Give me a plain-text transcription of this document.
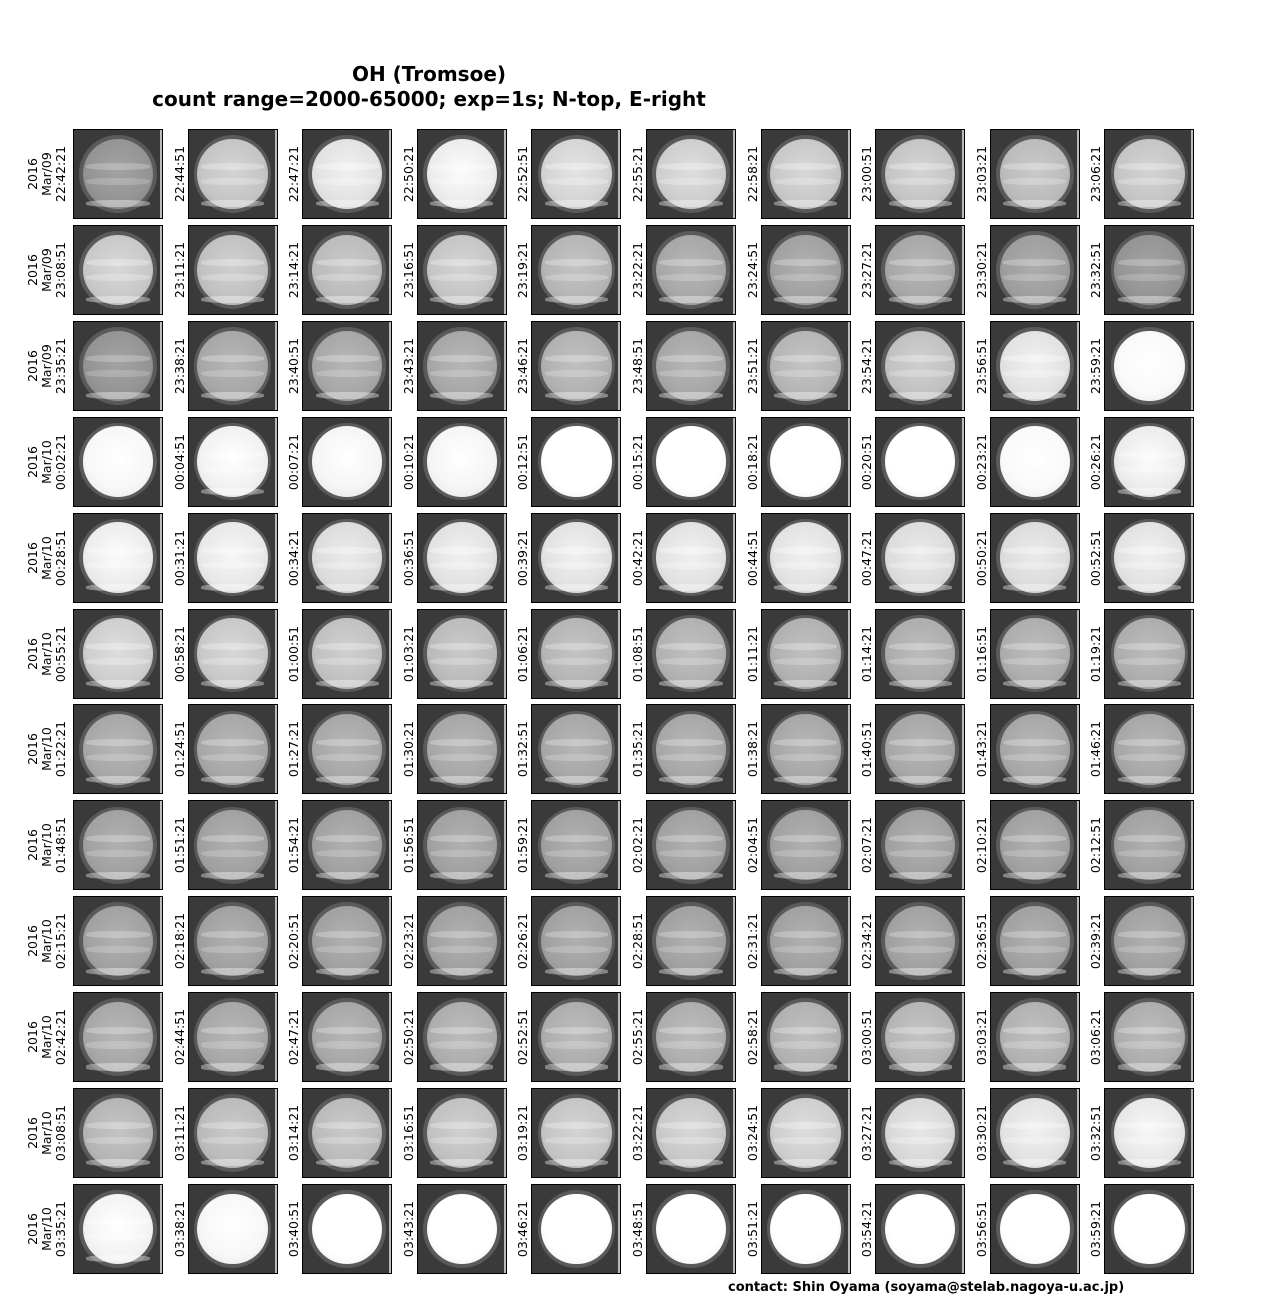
OH (Tromsoe)
count range=2000-65000; exp=1s; N-top, E-right
2016 Mar/09 22:42:21	22:44:51	22:47:21	22:50:21	22:52:51	22:55:21	22:58:21	23:00:51	23:03:21	23:06:21
2016 Mar/09 23:08:51	23:11:21	23:14:21	23:16:51	23:19:21	23:22:21	23:24:51	23:27:21	23:30:21	23:32:51
2016 Mar/09 23:35:21	23:38:21	23:40:51	23:43:21	23:46:21	23:48:51	23:51:21	23:54:21	23:56:51	23:59:21
2016 Mar/10 00:02:21	00:04:51	00:07:21	00:10:21	00:12:51	00:15:21	00:18:21	00:20:51	00:23:21	00:26:21
2016 Mar/10 00:28:51	00:31:21	00:34:21	00:36:51	00:39:21	00:42:21	00:44:51	00:47:21	00:50:21	00:52:51
2016 Mar/10 00:55:21	00:58:21	01:00:51	01:03:21	01:06:21	01:08:51	01:11:21	01:14:21	01:16:51	01:19:21
2016 Mar/10 01:22:21	01:24:51	01:27:21	01:30:21	01:32:51	01:35:21	01:38:21	01:40:51	01:43:21	01:46:21
2016 Mar/10 01:48:51	01:51:21	01:54:21	01:56:51	01:59:21	02:02:21	02:04:51	02:07:21	02:10:21	02:12:51
2016 Mar/10 02:15:21	02:18:21	02:20:51	02:23:21	02:26:21	02:28:51	02:31:21	02:34:21	02:36:51	02:39:21
2016 Mar/10 02:42:21	02:44:51	02:47:21	02:50:21	02:52:51	02:55:21	02:58:21	03:00:51	03:03:21	03:06:21
2016 Mar/10 03:08:51	03:11:21	03:14:21	03:16:51	03:19:21	03:22:21	03:24:51	03:27:21	03:30:21	03:32:51
2016 Mar/10 03:35:21	03:38:21	03:40:51	03:43:21	03:46:21	03:48:51	03:51:21	03:54:21	03:56:51	03:59:21
contact: Shin Oyama (soyama@stelab.nagoya-u.ac.jp)
